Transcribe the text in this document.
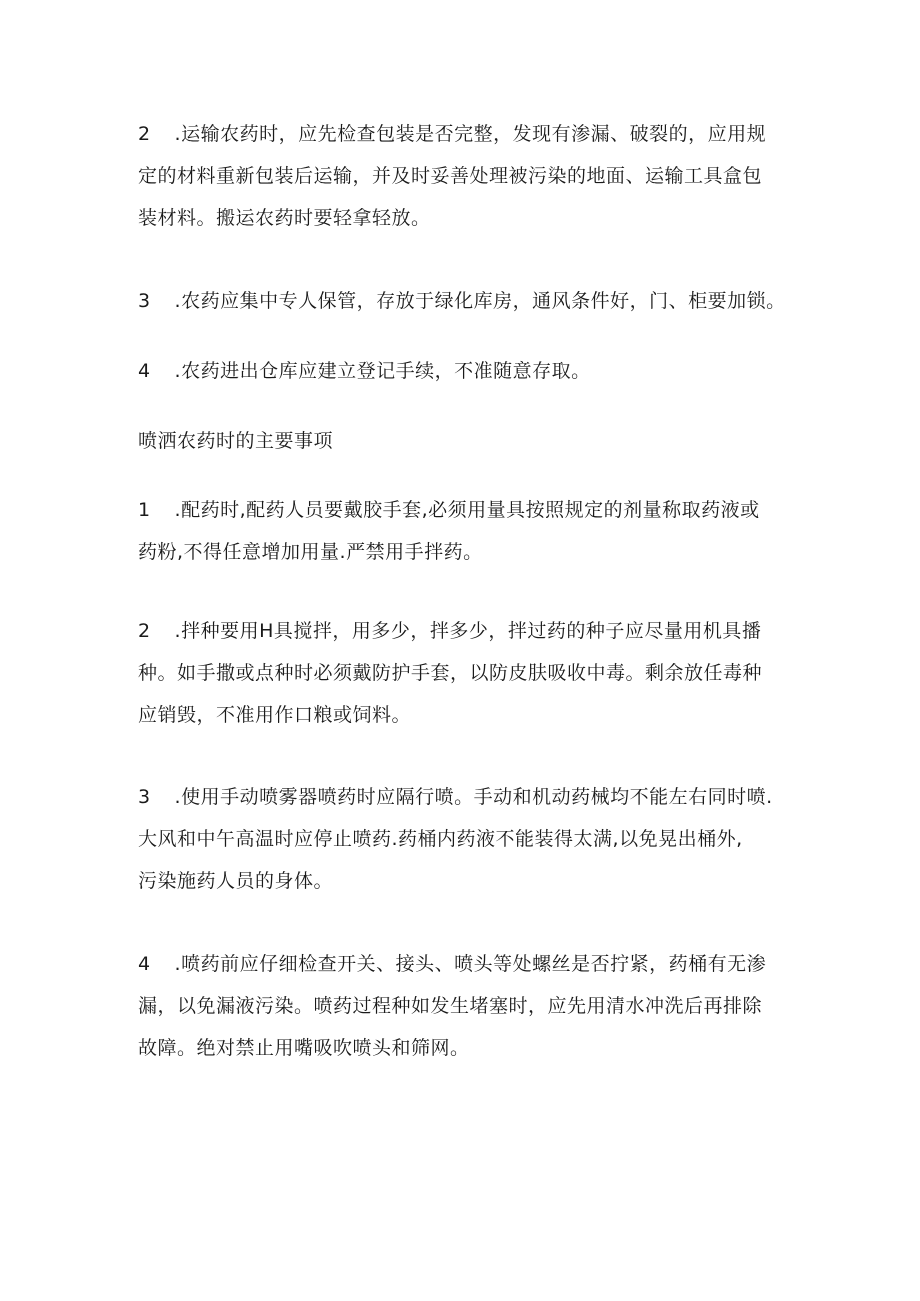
2 .运输农药时，应先检查包装是否完整，发现有渗漏、破裂的，应用规
定的材料重新包装后运输，并及时妥善处理被污染的地面、运输工具盒包
装材料。搬运农药时要轻拿轻放。
3 .农药应集中专人保管，存放于绿化库房，通风条件好，门、柜要加锁。
4 .农药进出仓库应建立登记手续，不准随意存取。
喷洒农药时的主要事项
1 .配药时,配药人员要戴胶手套,必须用量具按照规定的剂量称取药液或
药粉,不得任意增加用量.严禁用手拌药。
2 .拌种要用H具搅拌，用多少，拌多少，拌过药的种子应尽量用机具播
种。如手撒或点种时必须戴防护手套，以防皮肤吸收中毒。剩余放任毒种
应销毁，不准用作口粮或饲料。
3 .使用手动喷雾器喷药时应隔行喷。手动和机动药械均不能左右同时喷.
大风和中午高温时应停止喷药.药桶内药液不能装得太满,以免晃出桶外,
污染施药人员的身体。
4 .喷药前应仔细检查开关、接头、喷头等处螺丝是否拧紧，药桶有无渗
漏，以免漏液污染。喷药过程种如发生堵塞时，应先用清水冲洗后再排除
故障。绝对禁止用嘴吸吹喷头和筛网。
